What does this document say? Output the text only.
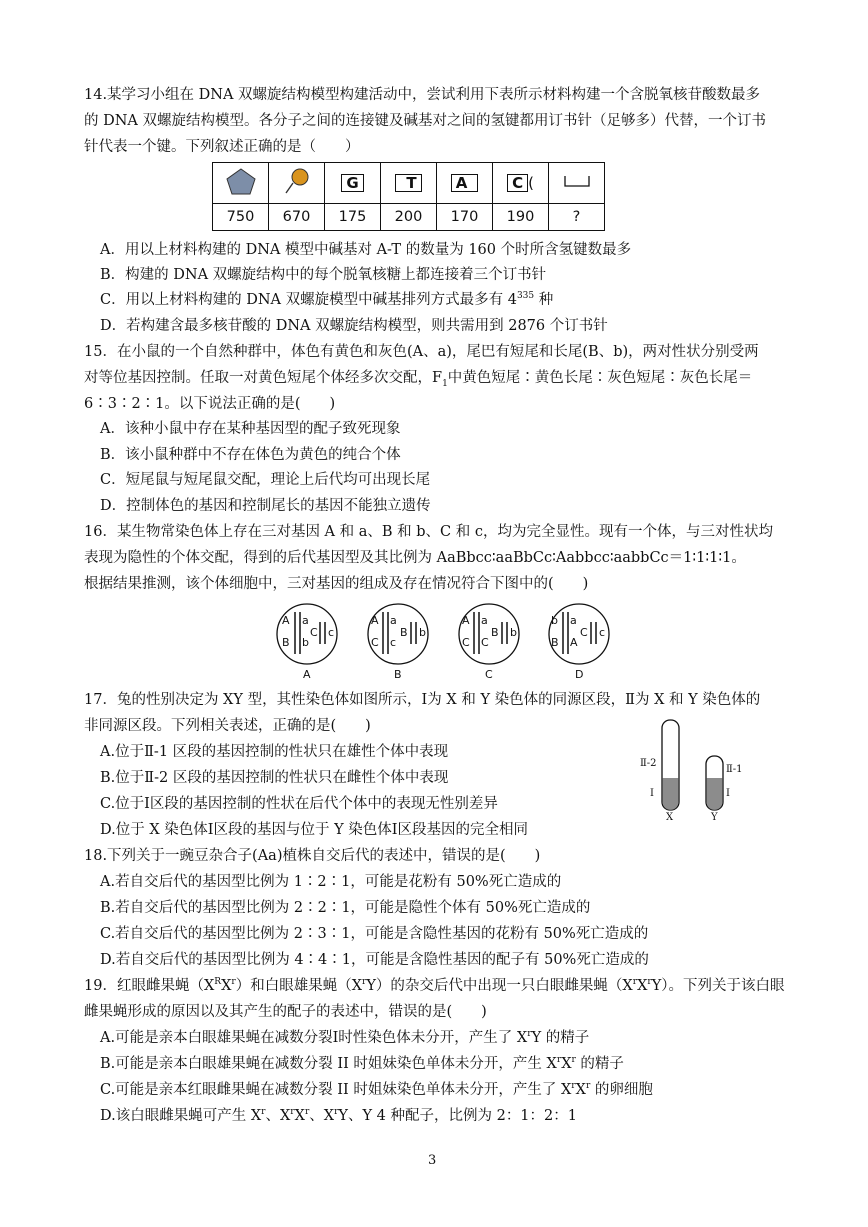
14.某学习小组在 DNA 双螺旋结构模型构建活动中，尝试利用下表所示材料构建一个含脱氧核苷酸数最多
的 DNA 双螺旋结构模型。各分子之间的连接键及碱基对之间的氢键都用订书针（足够多）代替，一个订书
针代表一个键。下列叙述正确的是（　　）
		G	T	A	C (	
750	670	175	200	170	190	?
A．用以上材料构建的 DNA 模型中碱基对 A-T 的数量为 160 个时所含氢键数最多
B．构建的 DNA 双螺旋结构中的每个脱氧核糖上都连接着三个订书针
C．用以上材料构建的 DNA 双螺旋模型中碱基排列方式最多有 $4^{335}$ 种
D．若构建含最多核苷酸的 DNA 双螺旋结构模型，则共需用到 2876 个订书针
15．在小鼠的一个自然种群中，体色有黄色和灰色(A、a)，尾巴有短尾和长尾(B、b)，两对性状分别受两
对等位基因控制。任取一对黄色短尾个体经多次交配，$F_1$中黄色短尾∶黄色长尾∶灰色短尾∶灰色长尾＝
6∶3∶2∶1。以下说法正确的是(　　)
A．该种小鼠中存在某种基因型的配子致死现象
B．该小鼠种群中不存在体色为黄色的纯合个体
C．短尾鼠与短尾鼠交配，理论上后代均可出现长尾
D．控制体色的基因和控制尾长的基因不能独立遗传
16．某生物常染色体上存在三对基因 A 和 a、B 和 b、C 和 c，均为完全显性。现有一个体，与三对性状均
表现为隐性的个体交配，得到的后代基因型及其比例为 AaBbcc∶aaBbCc∶Aabbcc∶aabbCc＝1∶1∶1∶1。
根据结果推测，该个体细胞中，三对基因的组成及存在情况符合下图中的(　　)
A a
B b
C c
A
A a
C c
B b
B
A a
C C
B b
C
b a
B A
C c
D
17．兔的性别决定为 XY 型，其性染色体如图所示，Ⅰ为 X 和 Y 染色体的同源区段，Ⅱ为 X 和 Y 染色体的
非同源区段。下列相关表述，正确的是(　　)
A.位于Ⅱ-1 区段的基因控制的性状只在雄性个体中表现
B.位于Ⅱ-2 区段的基因控制的性状只在雌性个体中表现
C.位于Ⅰ区段的基因控制的性状在后代个体中的表现无性别差异
D.位于 X 染色体Ⅰ区段的基因与位于 Y 染色体Ⅰ区段基因的完全相同
Ⅱ-2
Ⅰ
X
Ⅱ-1
Ⅰ
Y
18.下列关于一豌豆杂合子(Aa)植株自交后代的表述中，错误的是(　　)
A.若自交后代的基因型比例为 1∶2∶1，可能是花粉有 50%死亡造成的
B.若自交后代的基因型比例为 2∶2∶1，可能是隐性个体有 50%死亡造成的
C.若自交后代的基因型比例为 2∶3∶1，可能是含隐性基因的花粉有 50%死亡造成的
D.若自交后代的基因型比例为 4∶4∶1，可能是含隐性基因的配子有 50%死亡造成的
19．红眼雌果蝇$(X^RX^r)$和白眼雄果蝇$(X^rY)$的杂交后代中出现一只白眼雌果蝇$(X^rX^rY)$。下列关于该白眼
雌果蝇形成的原因以及其产生的配子的表述中，错误的是(　　)
A.可能是亲本白眼雄果蝇在减数分裂Ⅰ时性染色体未分开，产生了 $X^rY$ 的精子
B.可能是亲本白眼雄果蝇在减数分裂 II 时姐妹染色单体未分开，产生 $X^rX^r$ 的精子
C.可能是亲本红眼雌果蝇在减数分裂 II 时姐妹染色单体未分开，产生了 $X^rX^r$ 的卵细胞
D.该白眼雌果蝇可产生 $X^r$、$X^rX^r$、$X^rY$、Y 4 种配子，比例为 2：1：2：1
3
